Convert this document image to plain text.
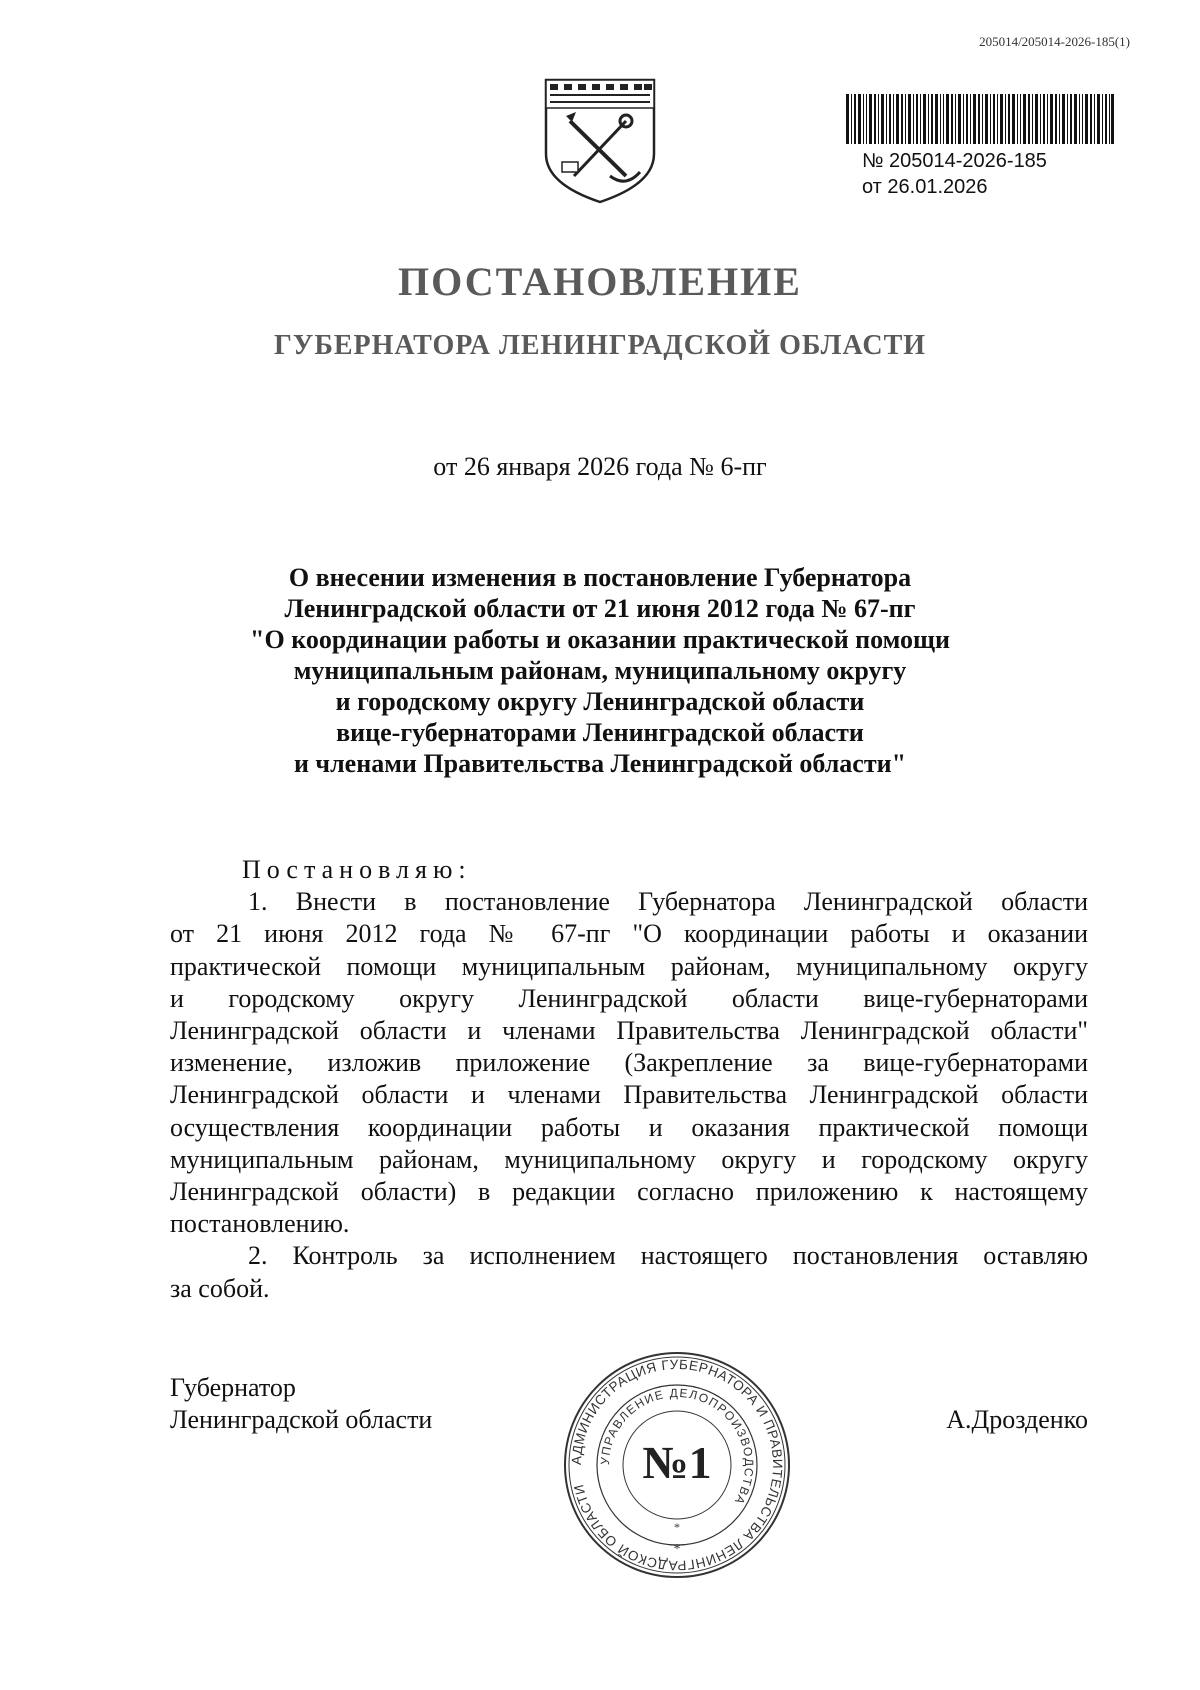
205014/205014-2026-185(1)
№ 205014-2026-185
от 26.01.2026
ПОСТАНОВЛЕНИЕ
ГУБЕРНАТОРА ЛЕНИНГРАДСКОЙ ОБЛАСТИ
от 26 января 2026 года № 6-пг
О внесении изменения в постановление Губернатора
Ленинградской области от 21 июня 2012 года № 67-пг
"О координации работы и оказании практической помощи
муниципальным районам, муниципальному округу
и городскому округу Ленинградской области
вице-губернаторами Ленинградской области
и членами Правительства Ленинградской области"
Постановляю:
1. Внести в постановление Губернатора Ленинградской области
от 21 июня 2012 года № 67-пг "О координации работы и оказании
практической помощи муниципальным районам, муниципальному округу
и городскому округу Ленинградской области вице-губернаторами
Ленинградской области и членами Правительства Ленинградской области"
изменение, изложив приложение (Закрепление за вице-губернаторами
Ленинградской области и членами Правительства Ленинградской области
осуществления координации работы и оказания практической помощи
муниципальным районам, муниципальному округу и городскому округу
Ленинградской области) в редакции согласно приложению к настоящему
постановлению.
2. Контроль за исполнением настоящего постановления оставляю
за собой.
Губернатор
Ленинградской области	А.Дрозденко
АДМИНИСТРАЦИЯ ГУБЕРНАТОРА И ПРАВИТЕЛЬСТВА ЛЕНИНГРАДСКОЙ ОБЛАСТИ
УПРАВЛЕНИЕ ДЕЛОПРОИЗВОДСТВА
*
*
№1
